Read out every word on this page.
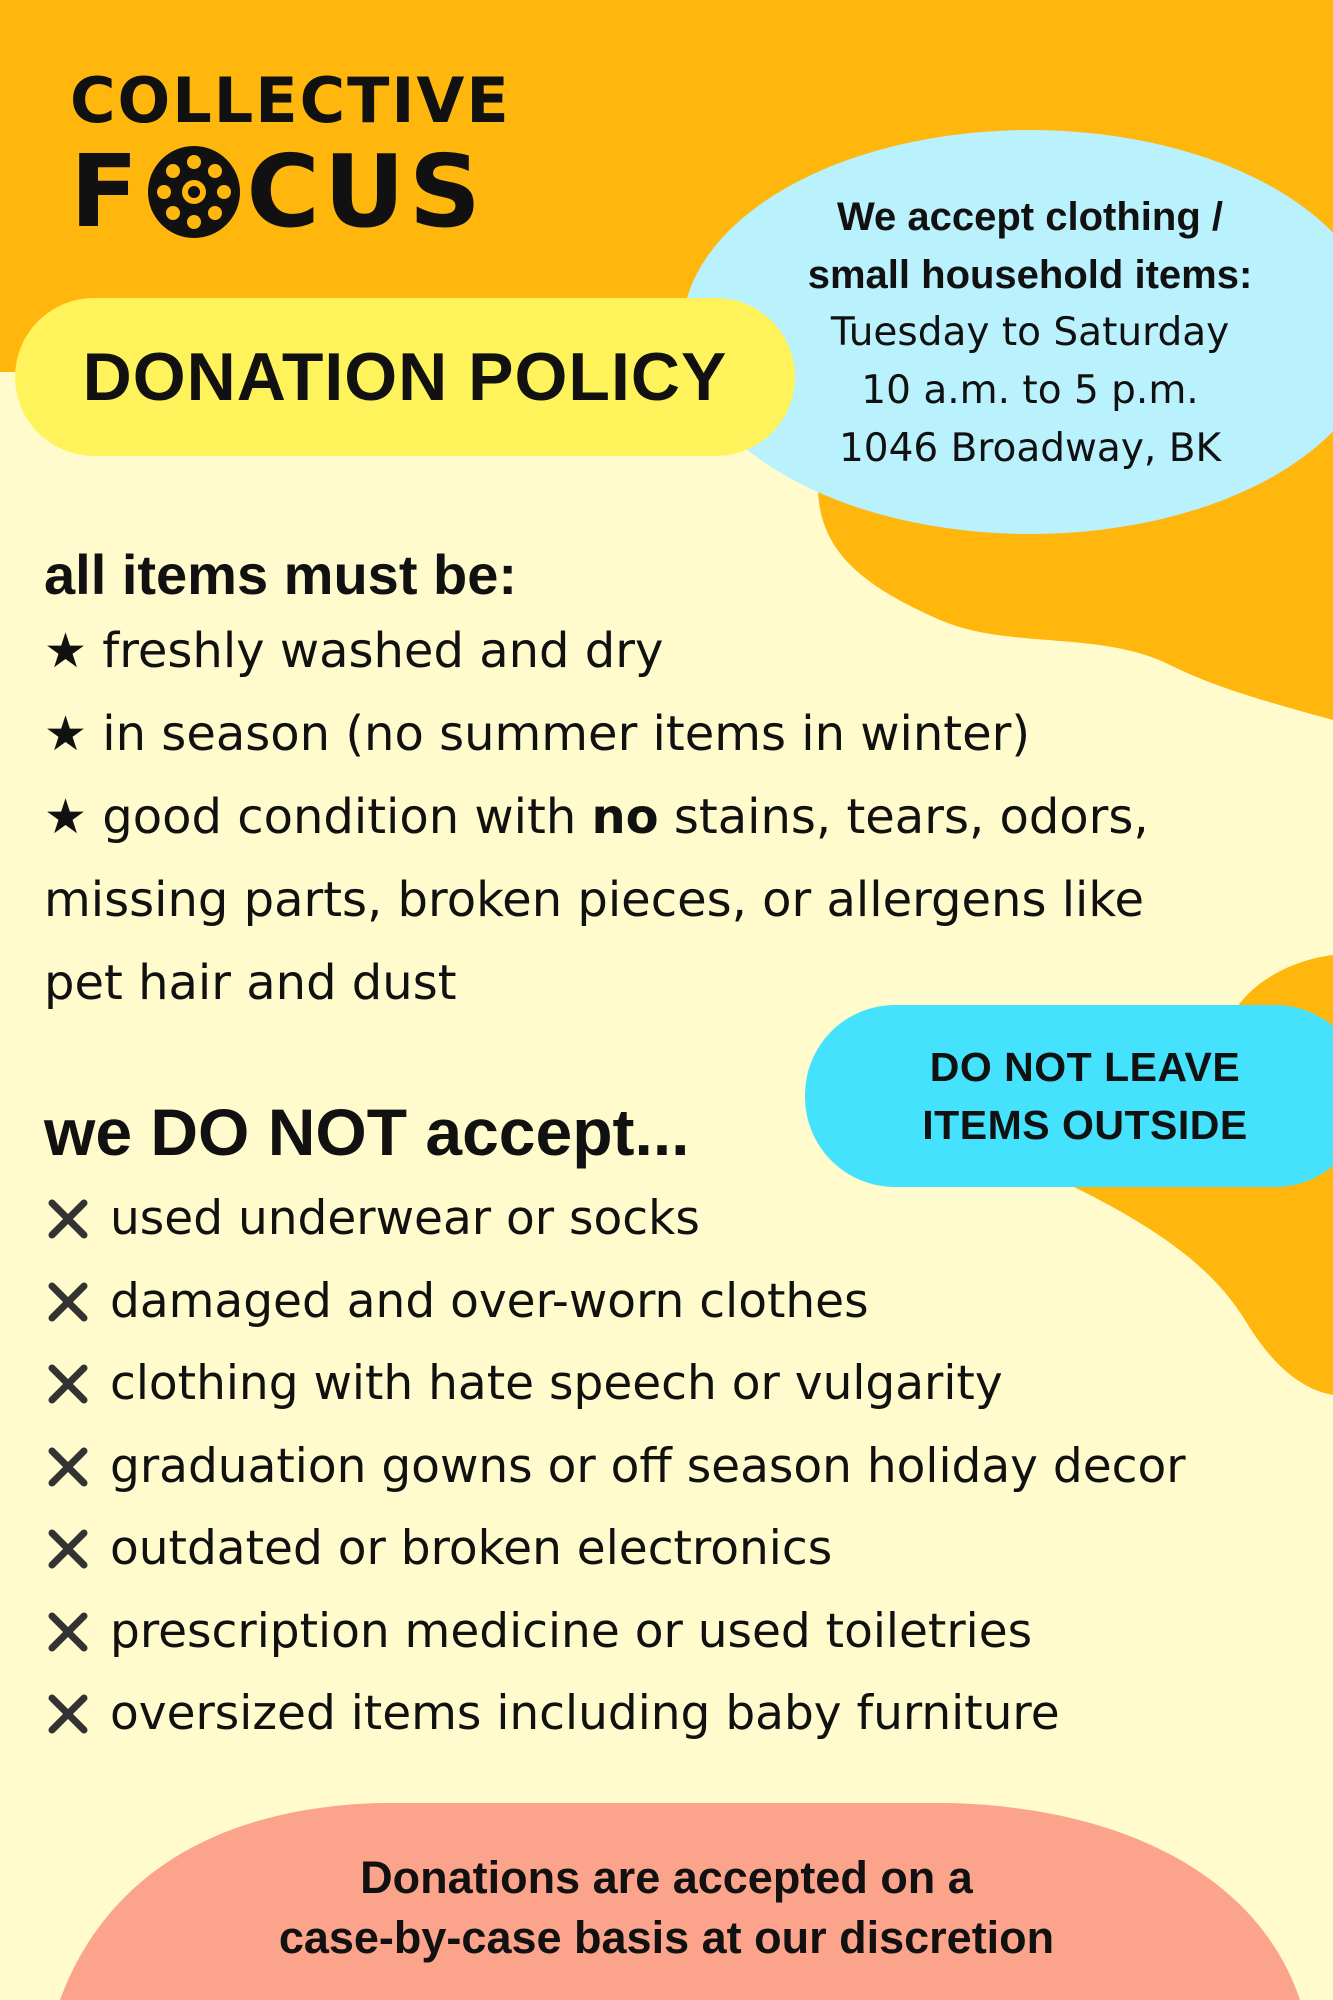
COLLECTIVE
F CUS
DONATION POLICY
We accept clothing /
small household items:
Tuesday to Saturday
10 a.m. to 5 p.m.
1046 Broadway, BK
all items must be:

★ freshly washed and dry

★ in season (no summer items in winter)

★ good condition with no stains, tears, odors,

missing parts, broken pieces, or allergens like

pet hair and dust

DO NOT LEAVE
ITEMS OUTSIDE
we DO NOT accept...
used underwear or socks
damaged and over-worn clothes
clothing with hate speech or vulgarity
graduation gowns or off season holiday decor
outdated or broken electronics
prescription medicine or used toiletries
oversized items including baby furniture
Donations are accepted on a
case-by-case basis at our discretion
